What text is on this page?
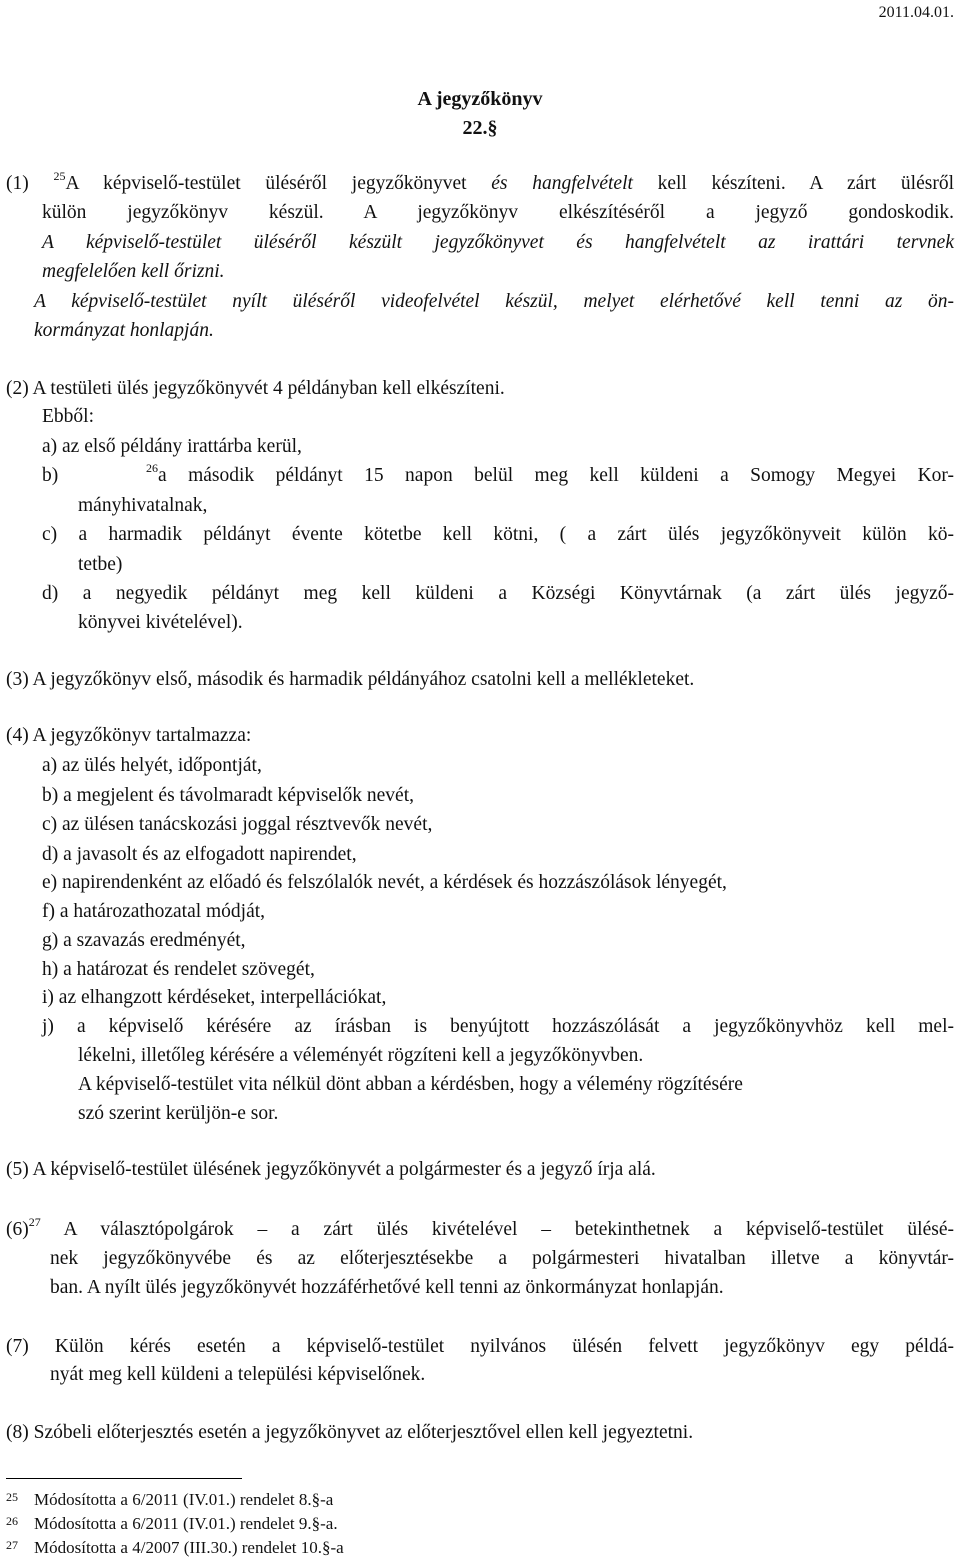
2011.04.01.
A jegyzőkönyv
22.§
(1) $^{25}$A képviselő-testület üléséről jegyzőkönyvet és hangfelvételt kell készíteni. A zárt ülésről
külön jegyzőkönyv készül. A jegyzőkönyv elkészítéséről a jegyző gondoskodik.
A képviselő-testület üléséről készült jegyzőkönyvet és hangfelvételt az irattári tervnek
megfelelően kell őrizni.
A képviselő-testület nyílt üléséről videofelvétel készül, melyet elérhetővé kell tenni az ön-
kormányzat honlapján.
(2) A testületi ülés jegyzőkönyvét 4 példányban kell elkészíteni.
Ebből:
a) az első példány irattárba kerül,
b)	$^{26}$a második példányt 15 napon belül meg kell küldeni a Somogy Megyei Kor-
mányhivatalnak,
c) a harmadik példányt évente kötetbe kell kötni, ( a zárt ülés jegyzőkönyveit külön kö-
tetbe)
d) a negyedik példányt meg kell küldeni a Községi Könyvtárnak (a zárt ülés jegyző-
könyvei kivételével).
(3) A jegyzőkönyv első, második és harmadik példányához csatolni kell a mellékleteket.
(4) A jegyzőkönyv tartalmazza:
a) az ülés helyét, időpontját,
b) a megjelent és távolmaradt képviselők nevét,
c) az ülésen tanácskozási joggal résztvevők nevét,
d) a javasolt és az elfogadott napirendet,
e) napirendenként az előadó és felszólalók nevét, a kérdések és hozzászólások lényegét,
f) a határozathozatal módját,
g) a szavazás eredményét,
h) a határozat és rendelet szövegét,
i) az elhangzott kérdéseket, interpellációkat,
j) a képviselő kérésére az írásban is benyújtott hozzászólását a jegyzőkönyvhöz kell mel-
lékelni, illetőleg kérésére a véleményét rögzíteni kell a jegyzőkönyvben.
A képviselő-testület vita nélkül dönt abban a kérdésben, hogy a vélemény rögzítésére
szó szerint kerüljön-e sor.
(5) A képviselő-testület ülésének jegyzőkönyvét a polgármester és a jegyző írja alá.
$(6)^{27}$ A választópolgárok – a zárt ülés kivételével – betekinthetnek a képviselő-testület ülésé-
nek jegyzőkönyvébe és az előterjesztésekbe a polgármesteri hivatalban illetve a könyvtár-
ban. A nyílt ülés jegyzőkönyvét hozzáférhetővé kell tenni az önkormányzat honlapján.
(7) Külön kérés esetén a képviselő-testület nyilvános ülésén felvett jegyzőkönyv egy példá-
nyát meg kell küldeni a települési képviselőnek.
(8) Szóbeli előterjesztés esetén a jegyzőkönyvet az előterjesztővel ellen kell jegyeztetni.
25 Módosította a 6/2011 (IV.01.) rendelet 8.§-a
26 Módosította a 6/2011 (IV.01.) rendelet 9.§-a.
27 Módosította a 4/2007 (III.30.) rendelet 10.§-a
